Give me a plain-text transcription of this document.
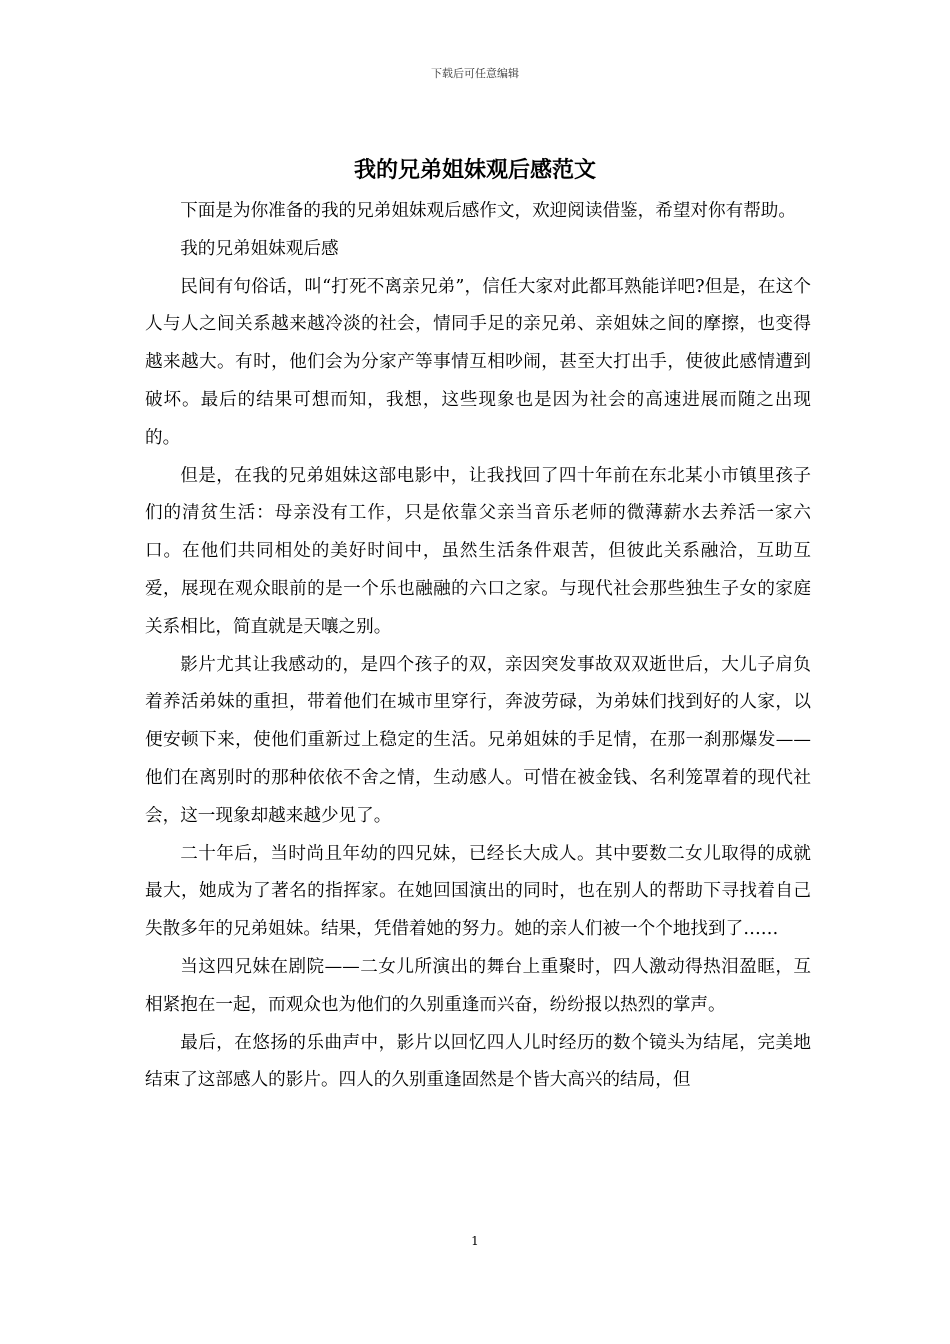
下载后可任意编辑
我的兄弟姐妹观后感范文

下面是为你准备的我的兄弟姐妹观后感作文，欢迎阅读借鉴，希望对你有帮助。

我的兄弟姐妹观后感

民间有句俗话，叫“打死不离亲兄弟”，信任大家对此都耳熟能详吧?但是，在这个人与人之间关系越来越冷淡的社会，情同手足的亲兄弟、亲姐妹之间的摩擦，也变得越来越大。有时，他们会为分家产等事情互相吵闹，甚至大打出手，使彼此感情遭到破坏。最后的结果可想而知，我想，这些现象也是因为社会的高速进展而随之出现的。

但是，在我的兄弟姐妹这部电影中，让我找回了四十年前在东北某小市镇里孩子们的清贫生活：母亲没有工作，只是依靠父亲当音乐老师的微薄薪水去养活一家六口。在他们共同相处的美好时间中，虽然生活条件艰苦，但彼此关系融洽，互助互爱，展现在观众眼前的是一个乐也融融的六口之家。与现代社会那些独生子女的家庭关系相比，简直就是天嚷之别。

影片尤其让我感动的，是四个孩子的双，亲因突发事故双双逝世后，大儿子肩负着养活弟妹的重担，带着他们在城市里穿行，奔波劳碌，为弟妹们找到好的人家，以便安顿下来，使他们重新过上稳定的生活。兄弟姐妹的手足情，在那一刹那爆发——他们在离别时的那种依依不舍之情，生动感人。可惜在被金钱、名利笼罩着的现代社会，这一现象却越来越少见了。

二十年后，当时尚且年幼的四兄妹，已经长大成人。其中要数二女儿取得的成就最大，她成为了著名的指挥家。在她回国演出的同时，也在别人的帮助下寻找着自己失散多年的兄弟姐妹。结果，凭借着她的努力。她的亲人们被一个个地找到了……

当这四兄妹在剧院——二女儿所演出的舞台上重聚时，四人激动得热泪盈眶，互相紧抱在一起，而观众也为他们的久别重逢而兴奋，纷纷报以热烈的掌声。

最后，在悠扬的乐曲声中，影片以回忆四人儿时经历的数个镜头为结尾，完美地结束了这部感人的影片。四人的久别重逢固然是个皆大高兴的结局，但

1
